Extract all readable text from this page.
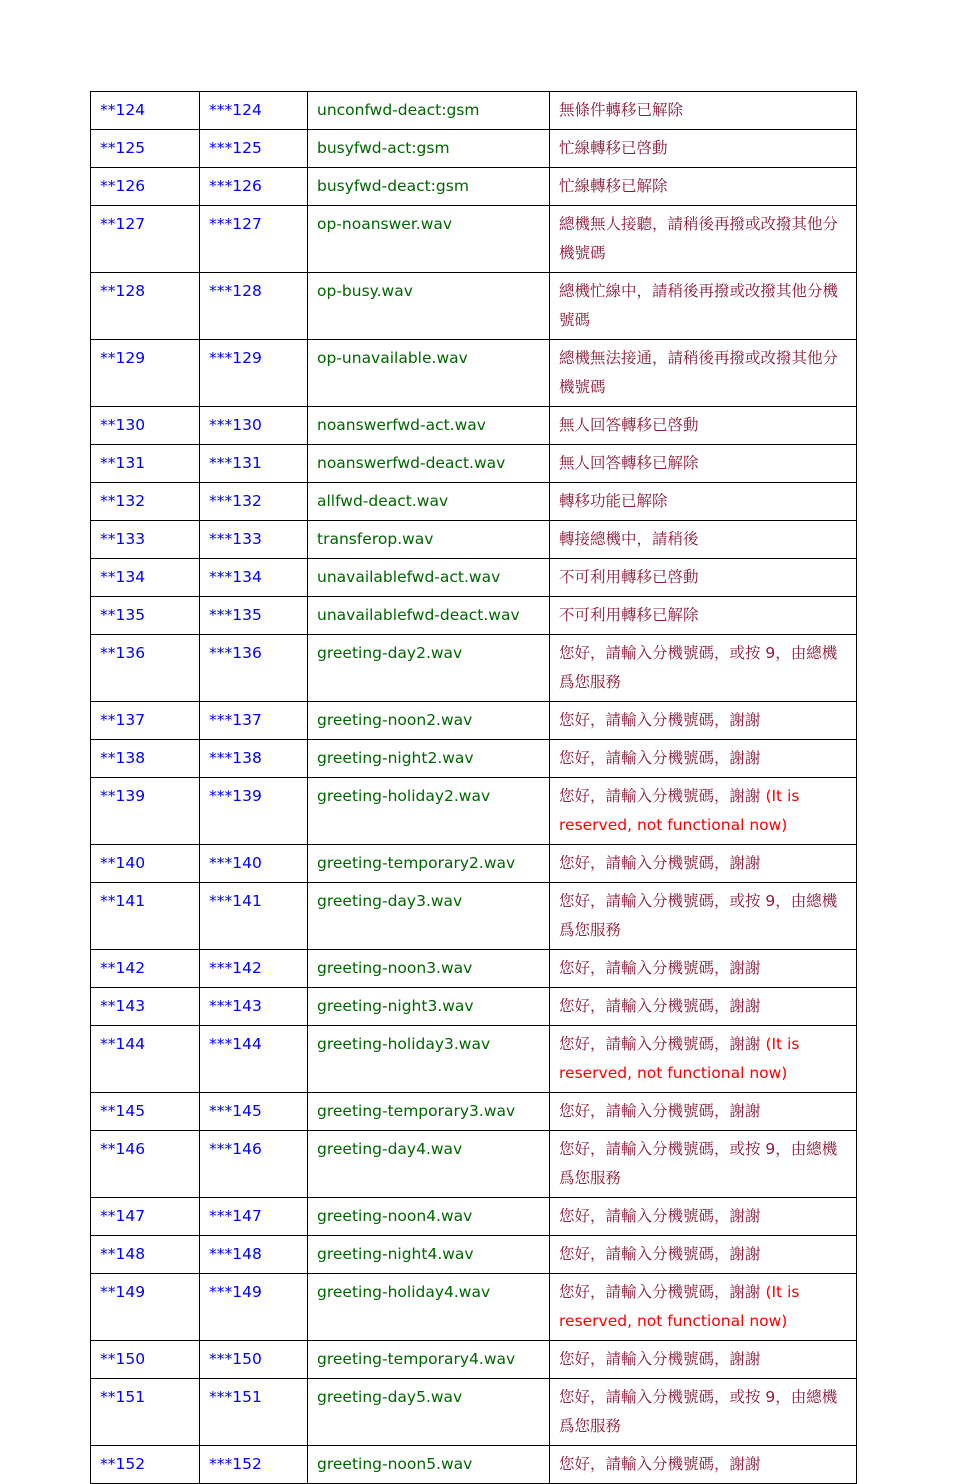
**124	***124	unconfwd-deact:gsm	無條件轉移已解除
**125	***125	busyfwd-act:gsm	忙線轉移已啓動
**126	***126	busyfwd-deact:gsm	忙線轉移已解除
**127	***127	op-noanswer.wav	總機無人接聽，請稍後再撥或改撥其他分機號碼
**128	***128	op-busy.wav	總機忙線中，請稍後再撥或改撥其他分機號碼
**129	***129	op-unavailable.wav	總機無法接通，請稍後再撥或改撥其他分機號碼
**130	***130	noanswerfwd-act.wav	無人回答轉移已啓動
**131	***131	noanswerfwd-deact.wav	無人回答轉移已解除
**132	***132	allfwd-deact.wav	轉移功能已解除
**133	***133	transferop.wav	轉接總機中，請稍後
**134	***134	unavailablefwd-act.wav	不可利用轉移已啓動
**135	***135	unavailablefwd-deact.wav	不可利用轉移已解除
**136	***136	greeting-day2.wav	您好，請輸入分機號碼，或按 9，由總機爲您服務
**137	***137	greeting-noon2.wav	您好，請輸入分機號碼，謝謝
**138	***138	greeting-night2.wav	您好，請輸入分機號碼，謝謝
**139	***139	greeting-holiday2.wav	您好，請輸入分機號碼，謝謝 (It is reserved, not functional now)
**140	***140	greeting-temporary2.wav	您好，請輸入分機號碼，謝謝
**141	***141	greeting-day3.wav	您好，請輸入分機號碼，或按 9，由總機爲您服務
**142	***142	greeting-noon3.wav	您好，請輸入分機號碼，謝謝
**143	***143	greeting-night3.wav	您好，請輸入分機號碼，謝謝
**144	***144	greeting-holiday3.wav	您好，請輸入分機號碼，謝謝 (It is reserved, not functional now)
**145	***145	greeting-temporary3.wav	您好，請輸入分機號碼，謝謝
**146	***146	greeting-day4.wav	您好，請輸入分機號碼，或按 9，由總機爲您服務
**147	***147	greeting-noon4.wav	您好，請輸入分機號碼，謝謝
**148	***148	greeting-night4.wav	您好，請輸入分機號碼，謝謝
**149	***149	greeting-holiday4.wav	您好，請輸入分機號碼，謝謝 (It is reserved, not functional now)
**150	***150	greeting-temporary4.wav	您好，請輸入分機號碼，謝謝
**151	***151	greeting-day5.wav	您好，請輸入分機號碼，或按 9，由總機爲您服務
**152	***152	greeting-noon5.wav	您好，請輸入分機號碼，謝謝
